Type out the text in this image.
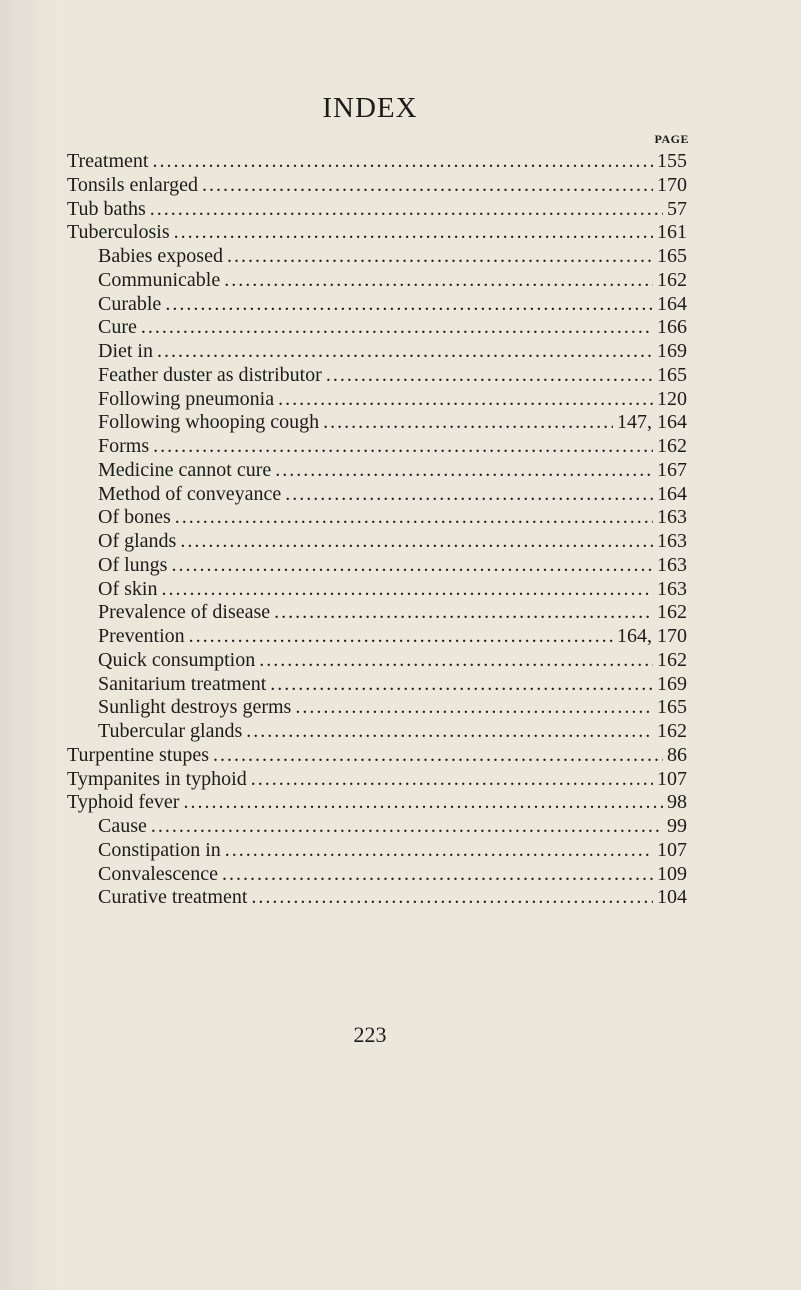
INDEX
PAGE
Treatment .....	155
Tonsils enlarged .....	170
Tub baths .....	57
Tuberculosis .....	161
Babies exposed .....	165
Communicable .....	162
Curable .....	164
Cure .....	166
Diet in .....	169
Feather duster as distributor .....	165
Following pneumonia .....	120
Following whooping cough .....	147, 164
Forms .....	162
Medicine cannot cure .....	167
Method of conveyance .....	164
Of bones .....	163
Of glands .....	163
Of lungs .....	163
Of skin .....	163
Prevalence of disease .....	162
Prevention .....	164, 170
Quick consumption .....	162
Sanitarium treatment .....	169
Sunlight destroys germs .....	165
Tubercular glands .....	162
Turpentine stupes .....	86
Tympanites in typhoid .....	107
Typhoid fever .....	98
Cause .....	99
Constipation in .....	107
Convalescence .....	109
Curative treatment .....	104
223
